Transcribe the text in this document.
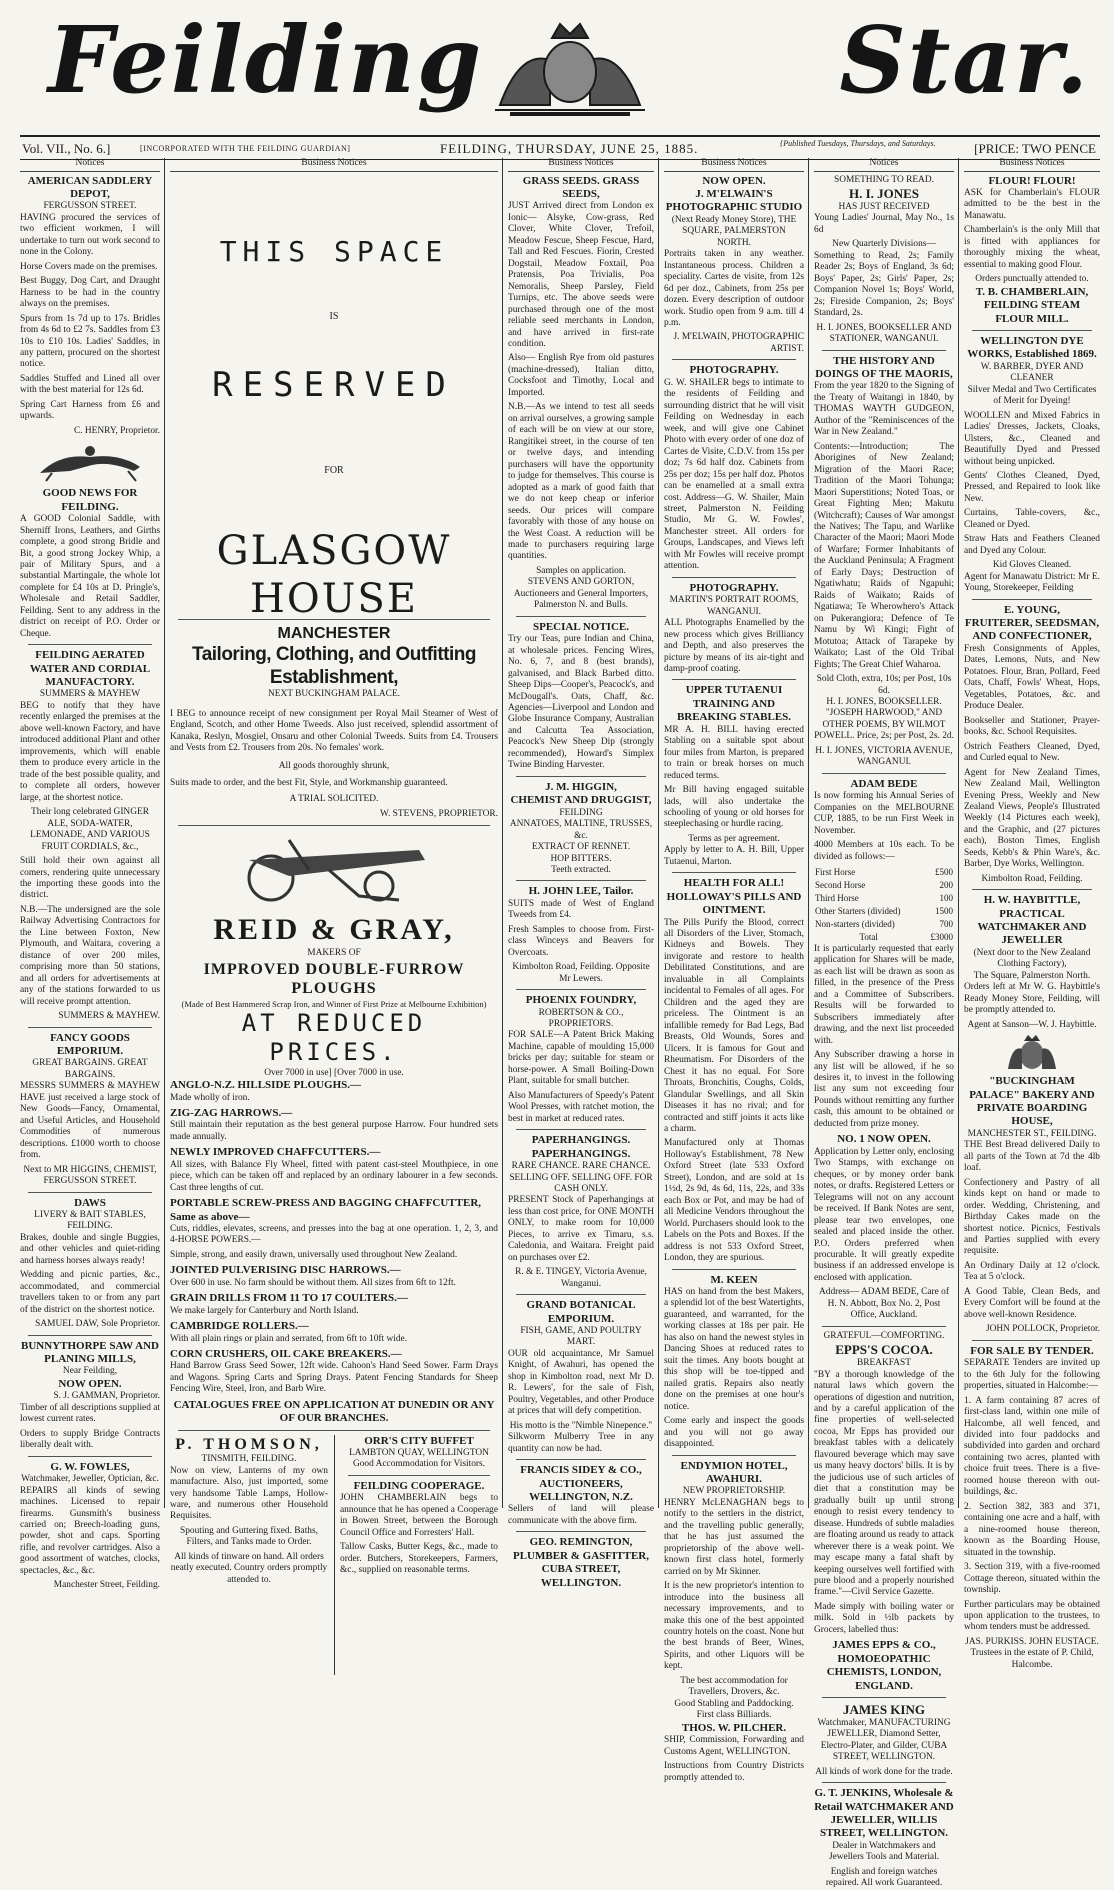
Feilding	Star.
Vol. VII., No. 6.]	[INCORPORATED WITH THE FEILDING GUARDIAN]	FEILDING, THURSDAY, JUNE 25, 1885.	{Published Tuesdays, Thursdays, and Saturdays.	[PRICE: TWO PENCE
Notices
AMERICAN SADDLERY DEPOT,
FERGUSSON STREET.
HAVING procured the services of two efficient workmen, I will undertake to turn out work second to none in the Colony.
Horse Covers made on the premises.
Best Buggy, Dog Cart, and Draught Harness to be had in the country always on the premises.
Spurs from 1s 7d up to 17s. Bridles from 4s 6d to £2 7s. Saddles from £3 10s to £10 10s. Ladies' Saddles, in any pattern, procured on the shortest notice.
Saddles Stuffed and Lined all over with the best material for 12s 6d.
Spring Cart Harness from £6 and upwards.
C. HENRY, Proprietor.
GOOD NEWS FOR FEILDING.
A GOOD Colonial Saddle, with Sherniff Irons, Leathers, and Girths complete, a good strong Bridle and Bit, a good strong Jockey Whip, a pair of Military Spurs, and a substantial Martingale, the whole lot complete for £4 10s at D. Pringle's, Wholesale and Retail Saddler, Feilding. Sent to any address in the district on receipt of P.O. Order or Cheque.
FEILDING AERATED WATER AND CORDIAL MANUFACTORY.
SUMMERS & MAYHEW
BEG to notify that they have recently enlarged the premises at the above well-known Factory, and have introduced additional Plant and other improvements, which will enable them to produce every article in the trade of the best possible quality, and to complete all orders, however large, at the shortest notice.
Their long celebrated GINGER ALE, SODA-WATER, LEMONADE, AND VARIOUS FRUIT CORDIALS, &c.,
Still hold their own against all comers, rendering quite unnecessary the importing these goods into the district.
N.B.—The undersigned are the sole Railway Advertising Contractors for the Line between Foxton, New Plymouth, and Waitara, covering a distance of over 200 miles, comprising more than 50 stations, and all orders for advertisements at any of the stations forwarded to us will receive prompt attention.
SUMMERS & MAYHEW.
FANCY GOODS EMPORIUM.
GREAT BARGAINS. GREAT BARGAINS.
MESSRS SUMMERS & MAYHEW HAVE just received a large stock of New Goods—Fancy, Ornamental, and Useful Articles, and Household Commodities of numerous descriptions. £1000 worth to choose from.
Next to MR HIGGINS, CHEMIST, FERGUSSON STREET.
DAWS
LIVERY & BAIT STABLES, FEILDING.
Brakes, double and single Buggies, and other vehicles and quiet-riding and harness horses always ready!
Wedding and picnic parties, &c., accommodated, and commercial travellers taken to or from any part of the district on the shortest notice.
SAMUEL DAW, Sole Proprietor.
BUNNYTHORPE SAW AND PLANING MILLS,
Near Feilding,
NOW OPEN.
S. J. GAMMAN, Proprietor.
Timber of all descriptions supplied at lowest current rates.
Orders to supply Bridge Contracts liberally dealt with.
G. W. FOWLES,
Watchmaker, Jeweller, Optician, &c.
REPAIRS all kinds of sewing machines. Licensed to repair firearms. Gunsmith's business carried on; Breech-loading guns, powder, shot and caps. Sporting rifle, and revolver cartridges. Also a good assortment of watches, clocks, spectacles, &c., &c.
Manchester Street, Feilding.
Business Notices
THIS SPACE
IS
RESERVED
FOR
GLASGOW HOUSE
MANCHESTER
Tailoring, Clothing, and Outfitting Establishment,
NEXT BUCKINGHAM PALACE.
I BEG to announce receipt of new consignment per Royal Mail Steamer of West of England, Scotch, and other Home Tweeds. Also just received, splendid assortment of Kanaka, Reslyn, Mosgiel, Onsaru and other Colonial Tweeds. Suits from £4. Trousers and Vests from £2. Trousers from 20s. No females' work.
All goods thoroughly shrunk,
Suits made to order, and the best Fit, Style, and Workmanship guaranteed.
A TRIAL SOLICITED.
W. STEVENS, PROPRIETOR.
REID & GRAY,
MAKERS OF
IMPROVED DOUBLE-FURROW PLOUGHS
(Made of Best Hammered Scrap Iron, and Winner of First Prize at Melbourne Exhibition)
AT REDUCED PRICES.
Over 7000 in use] [Over 7000 in use.
ANGLO-N.Z. HILLSIDE PLOUGHS.—
Made wholly of iron.
ZIG-ZAG HARROWS.—
Still maintain their reputation as the best general purpose Harrow. Four hundred sets made annually.
NEWLY IMPROVED CHAFFCUTTERS.—
All sizes, with Balance Fly Wheel, fitted with patent cast-steel Mouthpiece, in one piece, which can be taken off and replaced by an ordinary labourer in a few seconds. Cast three lengths of cut.
PORTABLE SCREW-PRESS AND BAGGING CHAFFCUTTER, Same as above—
Cuts, riddles, elevates, screens, and presses into the bag at one operation. 1, 2, 3, and 4-HORSE POWERS.—
Simple, strong, and easily drawn, universally used throughout New Zealand.
JOINTED PULVERISING DISC HARROWS.—
Over 600 in use. No farm should be without them. All sizes from 6ft to 12ft.
GRAIN DRILLS FROM 11 TO 17 COULTERS.—
We make largely for Canterbury and North Island.
CAMBRIDGE ROLLERS.—
With all plain rings or plain and serrated, from 6ft to 10ft wide.
CORN CRUSHERS, OIL CAKE BREAKERS.—
Hand Barrow Grass Seed Sower, 12ft wide. Cahoon's Hand Seed Sower. Farm Drays and Wagons. Spring Carts and Spring Drays. Patent Fencing Standards for Sheep Fencing Wire, Steel, Iron, and Barb Wire.
CATALOGUES FREE ON APPLICATION AT DUNEDIN OR ANY OF OUR BRANCHES.
P. THOMSON,
TINSMITH, FEILDING.
Now on view, Lanterns of my own manufacture. Also, just imported, some very handsome Table Lamps, Hollow-ware, and numerous other Household Requisites.
Spouting and Guttering fixed. Baths, Filters, and Tanks made to Order.
All kinds of tinware on hand. All orders neatly executed. Country orders promptly attended to.
ORR'S CITY BUFFET
LAMBTON QUAY, WELLINGTON
Good Accommodation for Visitors.
FEILDING COOPERAGE.
JOHN CHAMBERLAIN begs to announce that he has opened a Cooperage in Bowen Street, between the Borough Council Office and Forresters' Hall.
Tallow Casks, Butter Kegs, &c., made to order. Butchers, Storekeepers, Farmers, &c., supplied on reasonable terms.
Business Notices
GRASS SEEDS. GRASS SEEDS,
JUST Arrived direct from London ex Ionic— Alsyke, Cow-grass, Red Clover, White Clover, Trefoil, Meadow Fescue, Sheep Fescue, Hard, Tall and Red Fescues. Fiorin, Crested Dogstail, Meadow Foxtail, Poa Pratensis, Poa Trivialis, Poa Nemoralis, Sheep Parsley, Field Turnips, etc. The above seeds were purchased through one of the most reliable seed merchants in London, and have arrived in first-rate condition.
Also— English Rye from old pastures (machine-dressed), Italian ditto, Cocksfoot and Timothy, Local and Imported.
N.B.—As we intend to test all seeds on arrival ourselves, a growing sample of each will be on view at our store, Rangitikei street, in the course of ten or twelve days, and intending purchasers will have the opportunity to judge for themselves. This course is adopted as a mark of good faith that we do not keep cheap or inferior seeds. Our prices will compare favorably with those of any house on the West Coast. A reduction will be made to purchasers requiring large quantities.
Samples on application.
STEVENS AND GORTON, Auctioneers and General Importers, Palmerston N. and Bulls.
SPECIAL NOTICE.
Try our Teas, pure Indian and China, at wholesale prices. Fencing Wires, No. 6, 7, and 8 (best brands), galvanised, and Black Barbed ditto. Sheep Dips—Cooper's, Peacock's, and McDougall's. Oats, Chaff, &c. Agencies—Liverpool and London and Globe Insurance Company, Australian and Calcutta Tea Association, Peacock's New Sheep Dip (strongly recommended), Howard's Simplex Twine Binding Harvester.
J. M. HIGGIN,
CHEMIST AND DRUGGIST,
FEILDING
ANNATOES, MALTINE, TRUSSES, &c.
EXTRACT OF RENNET.
HOP BITTERS.
Teeth extracted.
H. JOHN LEE, Tailor.
SUITS made of West of England Tweeds from £4.
Fresh Samples to choose from. First-class Winceys and Beavers for Overcoats.
Kimbolton Road, Feilding. Opposite Mr Lewers.
PHOENIX FOUNDRY,
ROBERTSON & CO., PROPRIETORS.
FOR SALE—A Patent Brick Making Machine, capable of moulding 15,000 bricks per day; suitable for steam or horse-power. A Small Boiling-Down Plant, suitable for small butcher.
Also Manufacturers of Speedy's Patent Wool Presses, with ratchet motion, the best in market at reduced rates.
PAPERHANGINGS. PAPERHANGINGS.
RARE CHANCE. RARE CHANCE.
SELLING OFF. SELLING OFF. FOR CASH ONLY.
PRESENT Stock of Paperhangings at less than cost price, for ONE MONTH ONLY, to make room for 10,000 Pieces, to arrive ex Timaru, s.s. Caledonia, and Waitara. Freight paid on purchases over £2.
R. & E. TINGEY, Victoria Avenue, Wanganui.
GRAND BOTANICAL EMPORIUM.
FISH, GAME, AND POULTRY MART.
OUR old acquaintance, Mr Samuel Knight, of Awahuri, has opened the shop in Kimbolton road, next Mr D. R. Lewers', for the sale of Fish, Poultry, Vegetables, and other Produce at prices that will defy competition.
His motto is the "Nimble Ninepence."
Silkworm Mulberry Tree in any quantity can now be had.
FRANCIS SIDEY & CO., AUCTIONEERS, WELLINGTON, N.Z.
Sellers of land will please communicate with the above firm.
GEO. REMINGTON, PLUMBER & GASFITTER, CUBA STREET, WELLINGTON.
Business Notices
NOW OPEN.
J. M'ELWAIN'S PHOTOGRAPHIC STUDIO
(Next Ready Money Store), THE SQUARE, PALMERSTON NORTH.
Portraits taken in any weather. Instantaneous process. Children a speciality. Cartes de visite, from 12s 6d per doz., Cabinets, from 25s per dozen. Every description of outdoor work. Studio open from 9 a.m. till 4 p.m.
J. M'ELWAIN, PHOTOGRAPHIC ARTIST.
PHOTOGRAPHY.
G. W. SHAILER begs to intimate to the residents of Feilding and surrounding district that he will visit Feilding on Wednesday in each week, and will give one Cabinet Photo with every order of one doz of Cartes de Visite, C.D.V. from 15s per doz; 7s 6d half doz. Cabinets from 25s per doz; 15s per half doz. Photos can be enamelled at a small extra cost. Address—G. W. Shailer, Main street, Palmerston N. Feilding Studio, Mr G. W. Fowles', Manchester street. All orders for Groups, Landscapes, and Views left with Mr Fowles will receive prompt attention.
PHOTOGRAPHY.
MARTIN'S PORTRAIT ROOMS, WANGANUI.
ALL Photographs Enamelled by the new process which gives Brilliancy and Depth, and also preserves the picture by means of its air-tight and damp-proof coating.
UPPER TUTAENUI TRAINING AND BREAKING STABLES.
MR A. H. BILL having erected Stabling on a suitable spot about four miles from Marton, is prepared to train or break horses on much reduced terms.
Mr Bill having engaged suitable lads, will also undertake the schooling of young or old horses for steeplechasing or hurdle racing.
Terms as per agreement.
Apply by letter to A. H. Bill, Upper Tutaenui, Marton.
HEALTH FOR ALL!
HOLLOWAY'S PILLS AND OINTMENT.
The Pills Purify the Blood, correct all Disorders of the Liver, Stomach, Kidneys and Bowels. They invigorate and restore to health Debilitated Constitutions, and are invaluable in all Complaints incidental to Females of all ages. For Children and the aged they are priceless. The Ointment is an infallible remedy for Bad Legs, Bad Breasts, Old Wounds, Sores and Ulcers. It is famous for Gout and Rheumatism. For Disorders of the Chest it has no equal. For Sore Throats, Bronchitis, Coughs, Colds, Glandular Swellings, and all Skin Diseases it has no rival; and for contracted and stiff joints it acts like a charm.
Manufactured only at Thomas Holloway's Establishment, 78 New Oxford Street (late 533 Oxford Street), London, and are sold at 1s 1½d, 2s 9d, 4s 6d, 11s, 22s, and 33s each Box or Pot, and may be had of all Medicine Vendors throughout the World. Purchasers should look to the Labels on the Pots and Boxes. If the address is not 533 Oxford Street, London, they are spurious.
M. KEEN
HAS on hand from the best Makers, a splendid lot of the best Watertights, guaranteed, and warranted, for the working classes at 18s per pair. He has also on hand the newest styles in Dancing Shoes at reduced rates to suit the times. Any boots bought at this shop will be toe-tipped and nailed gratis. Repairs also neatly done on the premises at one hour's notice.
Come early and inspect the goods and you will not go away disappointed.
ENDYMION HOTEL, AWAHURI.
NEW PROPRIETORSHIP.
HENRY McLENAGHAN begs to notify to the settlers in the district, and the travelling public generally, that he has just assumed the proprietorship of the above well-known first class hotel, formerly carried on by Mr Skinner.
It is the new proprietor's intention to introduce into the business all necessary improvements, and to make this one of the best appointed country hotels on the coast. None but the best brands of Beer, Wines, Spirits, and other Liquors will be kept.
The best accommodation for Travellers, Drovers, &c.
Good Stabling and Paddocking.
First class Billiards.
THOS. W. PILCHER.
SHIP, Commission, Forwarding and Customs Agent, WELLINGTON.
Instructions from Country Districts promptly attended to.
Notices
SOMETHING TO READ.
H. I. JONES
HAS JUST RECEIVED
Young Ladies' Journal, May No., 1s 6d
New Quarterly Divisions—
Something to Read, 2s; Family Reader 2s; Boys of England, 3s 6d; Boys' Paper, 2s; Girls' Paper, 2s; Companion Novel 1s; Boys' World, 2s; Fireside Companion, 2s; Boys' Standard, 2s.
H. I. JONES, BOOKSELLER AND STATIONER, WANGANUI.
THE HISTORY AND DOINGS OF THE MAORIS,
From the year 1820 to the Signing of the Treaty of Waitangi in 1840, by THOMAS WAYTH GUDGEON, Author of the "Reminiscences of the War in New Zealand."
Contents:—Introduction; The Aborigines of New Zealand; Migration of the Maori Race; Tradition of the Maori Tohunga; Maori Superstitions; Noted Toas, or Great Fighting Men; Makutu (Witchcraft); Causes of War amongst the Natives; The Tapu, and Warlike Character of the Maori; Maori Mode of Warfare; Former Inhabitants of the Auckland Peninsula; A Fragment of Early Days; Destruction of Ngatiwhatu; Raids of Ngapuhi; Raids of Waikato; Raids of Ngatiawa; Te Wherowhero's Attack on Pukerangiora; Defence of Te Namu by Wi Kingi; Fight of Motutoa; Attack of Tarapeke by Waikato; Last of the Old Tribal Fights; The Great Chief Waharoa.
Sold Cloth, extra, 10s; per Post, 10s 6d.
H. I. JONES, BOOKSELLER.
"JOSEPH HARWOOD," AND OTHER POEMS, BY WILMOT POWELL. Price, 2s; per Post, 2s. 2d.
H. I. JONES, VICTORIA AVENUE, WANGANUI.
ADAM BEDE
Is now forming his Annual Series of Companies on the MELBOURNE CUP, 1885, to be run First Week in November.
4000 Members at 10s each. To be divided as follows:—
First Horse	£500
Second Horse	200
Third Horse	100
Other Starters (divided)	1500
Non-starters (divided)	700
Total	£3000
It is particularly requested that early application for Shares will be made, as each list will be drawn as soon as filled, in the presence of the Press and a Committee of Subscribers. Results will be forwarded to Subscribers immediately after drawing, and the next list proceeded with.
Any Subscriber drawing a horse in any list will be allowed, if he so desires it, to invest in the following list any sum not exceeding four Pounds without remitting any further cash, this amount to be obtained or deducted from prize money.
NO. 1 NOW OPEN.
Application by Letter only, enclosing Two Stamps, with exchange on cheques, or by money order bank notes, or drafts. Registered Letters or Telegrams will not on any account be received. If Bank Notes are sent, please tear two envelopes, one sealed and placed inside the other. P.O. Orders preferred when procurable. It will greatly expedite business if an addressed envelope is enclosed with application.
Address— ADAM BEDE, Care of H. N. Abbott, Box No. 2, Post Office, Auckland.
GRATEFUL—COMFORTING.
EPPS'S COCOA.
BREAKFAST
"BY a thorough knowledge of the natural laws which govern the operations of digestion and nutrition, and by a careful application of the fine properties of well-selected cocoa, Mr Epps has provided our breakfast tables with a delicately flavoured beverage which may save us many heavy doctors' bills. It is by the judicious use of such articles of diet that a constitution may be gradually built up until strong enough to resist every tendency to disease. Hundreds of subtle maladies are floating around us ready to attack wherever there is a weak point. We may escape many a fatal shaft by keeping ourselves well fortified with pure blood and a properly nourished frame."—Civil Service Gazette.
Made simply with boiling water or milk. Sold in ½lb packets by Grocers, labelled thus:
JAMES EPPS & CO., HOMOEOPATHIC CHEMISTS, LONDON, ENGLAND.
JAMES KING
Watchmaker, MANUFACTURING JEWELLER, Diamond Setter, Electro-Plater, and Gilder, CUBA STREET, WELLINGTON.
All kinds of work done for the trade.
G. T. JENKINS, Wholesale & Retail WATCHMAKER AND JEWELLER, WILLIS STREET, WELLINGTON.
Dealer in Watchmakers and Jewellers Tools and Material.
English and foreign watches repaired. All work Guaranteed.
Business Notices
FLOUR! FLOUR!
ASK for Chamberlain's FLOUR admitted to be the best in the Manawatu.
Chamberlain's is the only Mill that is fitted with appliances for thoroughly mixing the wheat, essential to making good Flour.
Orders punctually attended to.
T. B. CHAMBERLAIN, FEILDING STEAM FLOUR MILL.
WELLINGTON DYE WORKS, Established 1869.
W. BARBER, DYER AND CLEANER
Silver Medal and Two Certificates of Merit for Dyeing!
WOOLLEN and Mixed Fabrics in Ladies' Dresses, Jackets, Cloaks, Ulsters, &c., Cleaned and Beautifully Dyed and Pressed without being unpicked.
Gents' Clothes Cleaned, Dyed, Pressed, and Repaired to look like New.
Curtains, Table-covers, &c., Cleaned or Dyed.
Straw Hats and Feathers Cleaned and Dyed any Colour.
Kid Gloves Cleaned.
Agent for Manawatu District: Mr E. Young, Storekeeper, Feilding
E. YOUNG,
FRUITERER, SEEDSMAN, AND CONFECTIONER,
Fresh Consignments of Apples, Dates, Lemons, Nuts, and New Potatoes. Flour, Bran, Pollard, Feed Oats, Chaff, Fowls' Wheat, Hops, Vegetables, Potatoes, &c. and Produce Dealer.
Bookseller and Stationer, Prayer-books, &c. School Requisites.
Ostrich Feathers Cleaned, Dyed, and Curled equal to New.
Agent for New Zealand Times, New Zealand Mail, Wellington Evening Press, Weekly and New Zealand Views, People's Illustrated Weekly (14 Pictures each week), and the Graphic, and (27 pictures each), Boston Times, English Seeds, Kebb's & Phin Ware's, &c. Barber, Dye Works, Wellington.
Kimbolton Road, Feilding.
H. W. HAYBITTLE,
PRACTICAL WATCHMAKER AND JEWELLER
(Next door to the New Zealand Clothing Factory),
The Square, Palmerston North.
Orders left at Mr W. G. Haybittle's Ready Money Store, Feilding, will be promptly attended to.
Agent at Sanson—W. J. Haybittle.
"BUCKINGHAM PALACE" BAKERY AND PRIVATE BOARDING HOUSE,
MANCHESTER ST., FEILDING.
THE Best Bread delivered Daily to all parts of the Town at 7d the 4lb loaf.
Confectionery and Pastry of all kinds kept on hand or made to order. Wedding, Christening, and Birthday Cakes made on the shortest notice. Picnics, Festivals and Parties supplied with every requisite.
An Ordinary Daily at 12 o'clock. Tea at 5 o'clock.
A Good Table, Clean Beds, and Every Comfort will be found at the above well-known Residence.
JOHN POLLOCK, Proprietor.
FOR SALE BY TENDER.
SEPARATE Tenders are invited up to the 6th July for the following properties, situated in Halcombe:—
1. A farm containing 87 acres of first-class land, within one mile of Halcombe, all well fenced, and divided into four paddocks and subdivided into garden and orchard containing two acres, planted with choice fruit trees. There is a five-roomed house thereon with out-buildings, &c.
2. Section 382, 383 and 371, containing one acre and a half, with a nine-roomed house thereon, known as the Boarding House, situated in the township.
3. Section 319, with a five-roomed Cottage thereon, situated within the township.
Further particulars may be obtained upon application to the trustees, to whom tenders must be addressed.
JAS. PURKISS. JOHN EUSTACE. Trustees in the estate of P. Child, Halcombe.
